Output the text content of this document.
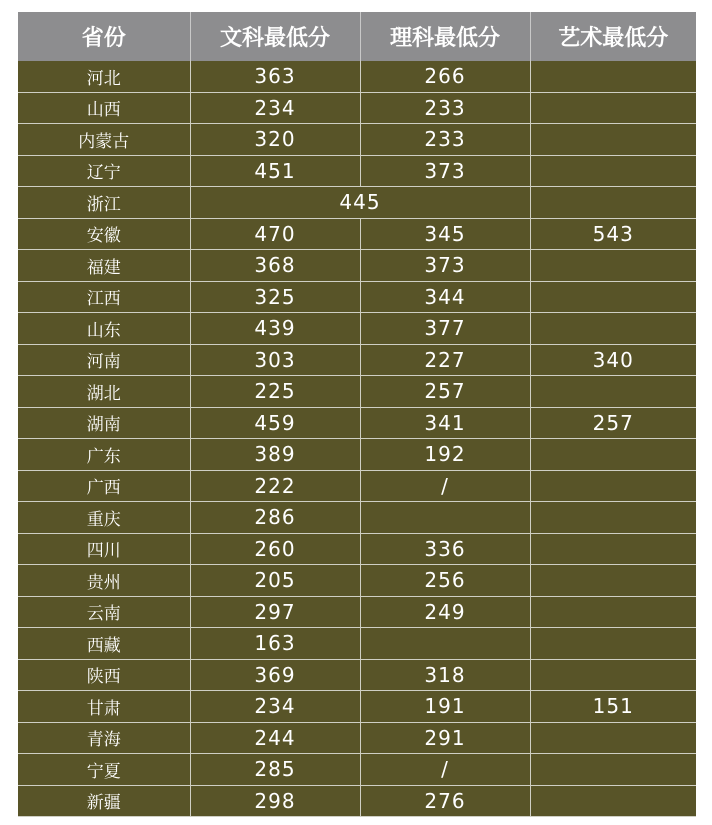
省份	文科最低分	理科最低分	艺术最低分
河北	363	266	
山西	234	233	
内蒙古	320	233	
辽宁	451	373	
浙江	445		
安徽	470	345	543
福建	368	373	
江西	325	344	
山东	439	377	
河南	303	227	340
湖北	225	257	
湖南	459	341	257
广东	389	192	
广西	222	/	
重庆	286		
四川	260	336	
贵州	205	256	
云南	297	249	
西藏	163		
陕西	369	318	
甘肃	234	191	151
青海	244	291	
宁夏	285	/	
新疆	298	276	
